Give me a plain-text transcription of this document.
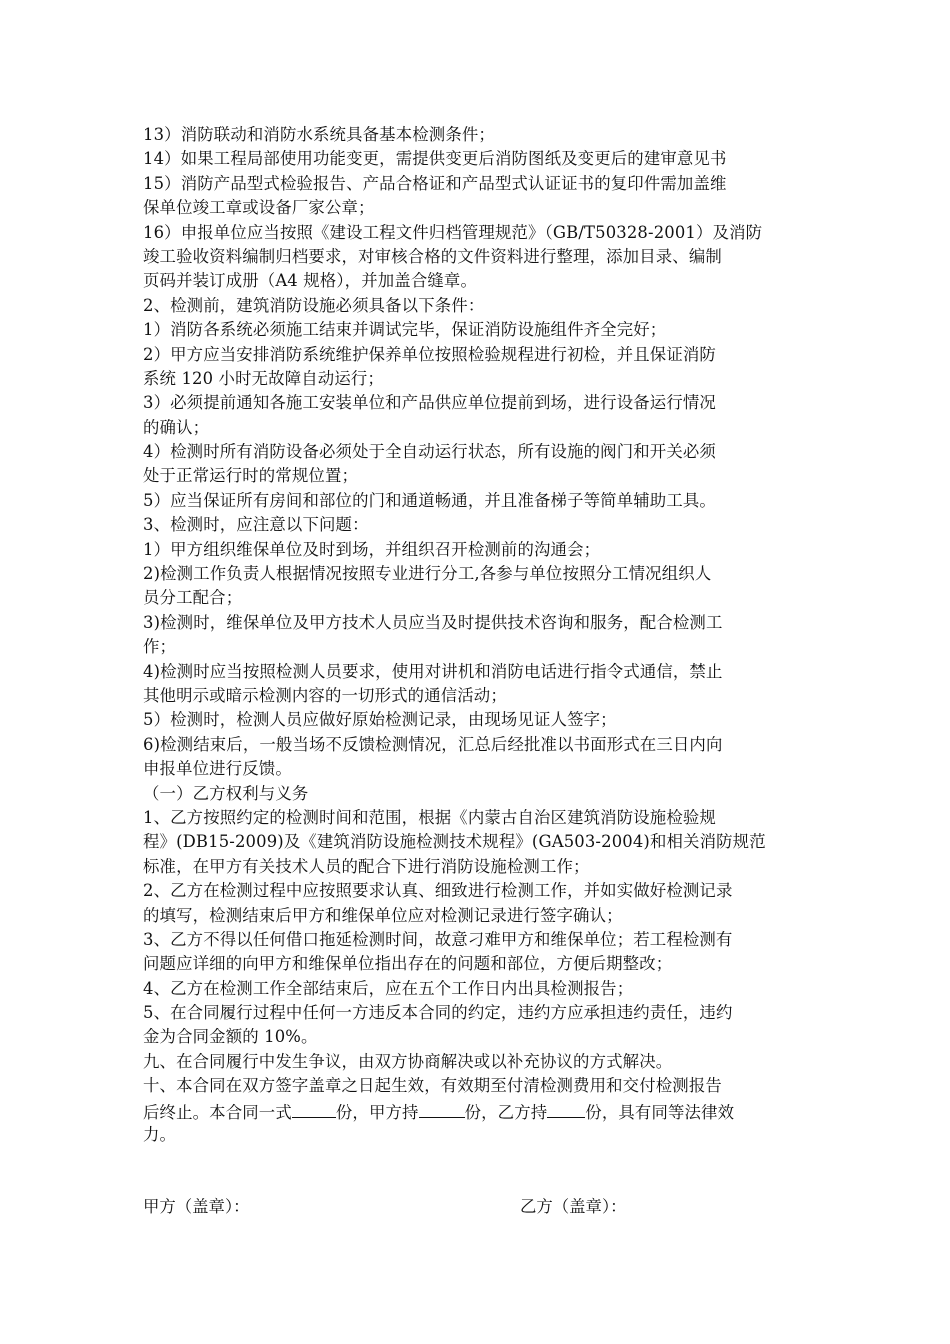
13）消防联动和消防水系统具备基本检测条件；
14）如果工程局部使用功能变更，需提供变更后消防图纸及变更后的建审意见书
15）消防产品型式检验报告、产品合格证和产品型式认证证书的复印件需加盖维
保单位竣工章或设备厂家公章；
16）申报单位应当按照《建设工程文件归档管理规范》（GB/T50328-2001）及消防
竣工验收资料编制归档要求，对审核合格的文件资料进行整理，添加目录、编制
页码并装订成册（A4 规格），并加盖合缝章。
2、检测前，建筑消防设施必须具备以下条件：
1）消防各系统必须施工结束并调试完毕，保证消防设施组件齐全完好；
2）甲方应当安排消防系统维护保养单位按照检验规程进行初检，并且保证消防
系统 120 小时无故障自动运行；
3）必须提前通知各施工安装单位和产品供应单位提前到场，进行设备运行情况
的确认；
4）检测时所有消防设备必须处于全自动运行状态，所有设施的阀门和开关必须
处于正常运行时的常规位置；
5）应当保证所有房间和部位的门和通道畅通，并且准备梯子等简单辅助工具。
3、检测时，应注意以下问题：
1）甲方组织维保单位及时到场，并组织召开检测前的沟通会；
2)检测工作负责人根据情况按照专业进行分工,各参与单位按照分工情况组织人
员分工配合；
3)检测时，维保单位及甲方技术人员应当及时提供技术咨询和服务，配合检测工
作；
4)检测时应当按照检测人员要求，使用对讲机和消防电话进行指令式通信，禁止
其他明示或暗示检测内容的一切形式的通信活动；
5）检测时，检测人员应做好原始检测记录，由现场见证人签字；
6)检测结束后，一般当场不反馈检测情况，汇总后经批准以书面形式在三日内向
申报单位进行反馈。
（一）乙方权利与义务
1、乙方按照约定的检测时间和范围，根据《内蒙古自治区建筑消防设施检验规
程》(DB15-2009)及《建筑消防设施检测技术规程》(GA503-2004)和相关消防规范
标准，在甲方有关技术人员的配合下进行消防设施检测工作；
2、乙方在检测过程中应按照要求认真、细致进行检测工作，并如实做好检测记录
的填写，检测结束后甲方和维保单位应对检测记录进行签字确认；
3、乙方不得以任何借口拖延检测时间，故意刁难甲方和维保单位；若工程检测有
问题应详细的向甲方和维保单位指出存在的问题和部位，方便后期整改；
4、乙方在检测工作全部结束后，应在五个工作日内出具检测报告；
5、在合同履行过程中任何一方违反本合同的约定，违约方应承担违约责任，违约
金为合同金额的 10%。
九、在合同履行中发生争议，由双方协商解决或以补充协议的方式解决。
十、本合同在双方签字盖章之日起生效，有效期至付清检测费用和交付检测报告
后终止。本合同一式	份，甲方持	份，乙方持 份，具有同等法律效
力。
甲方（盖章）：	乙方（盖章）：
